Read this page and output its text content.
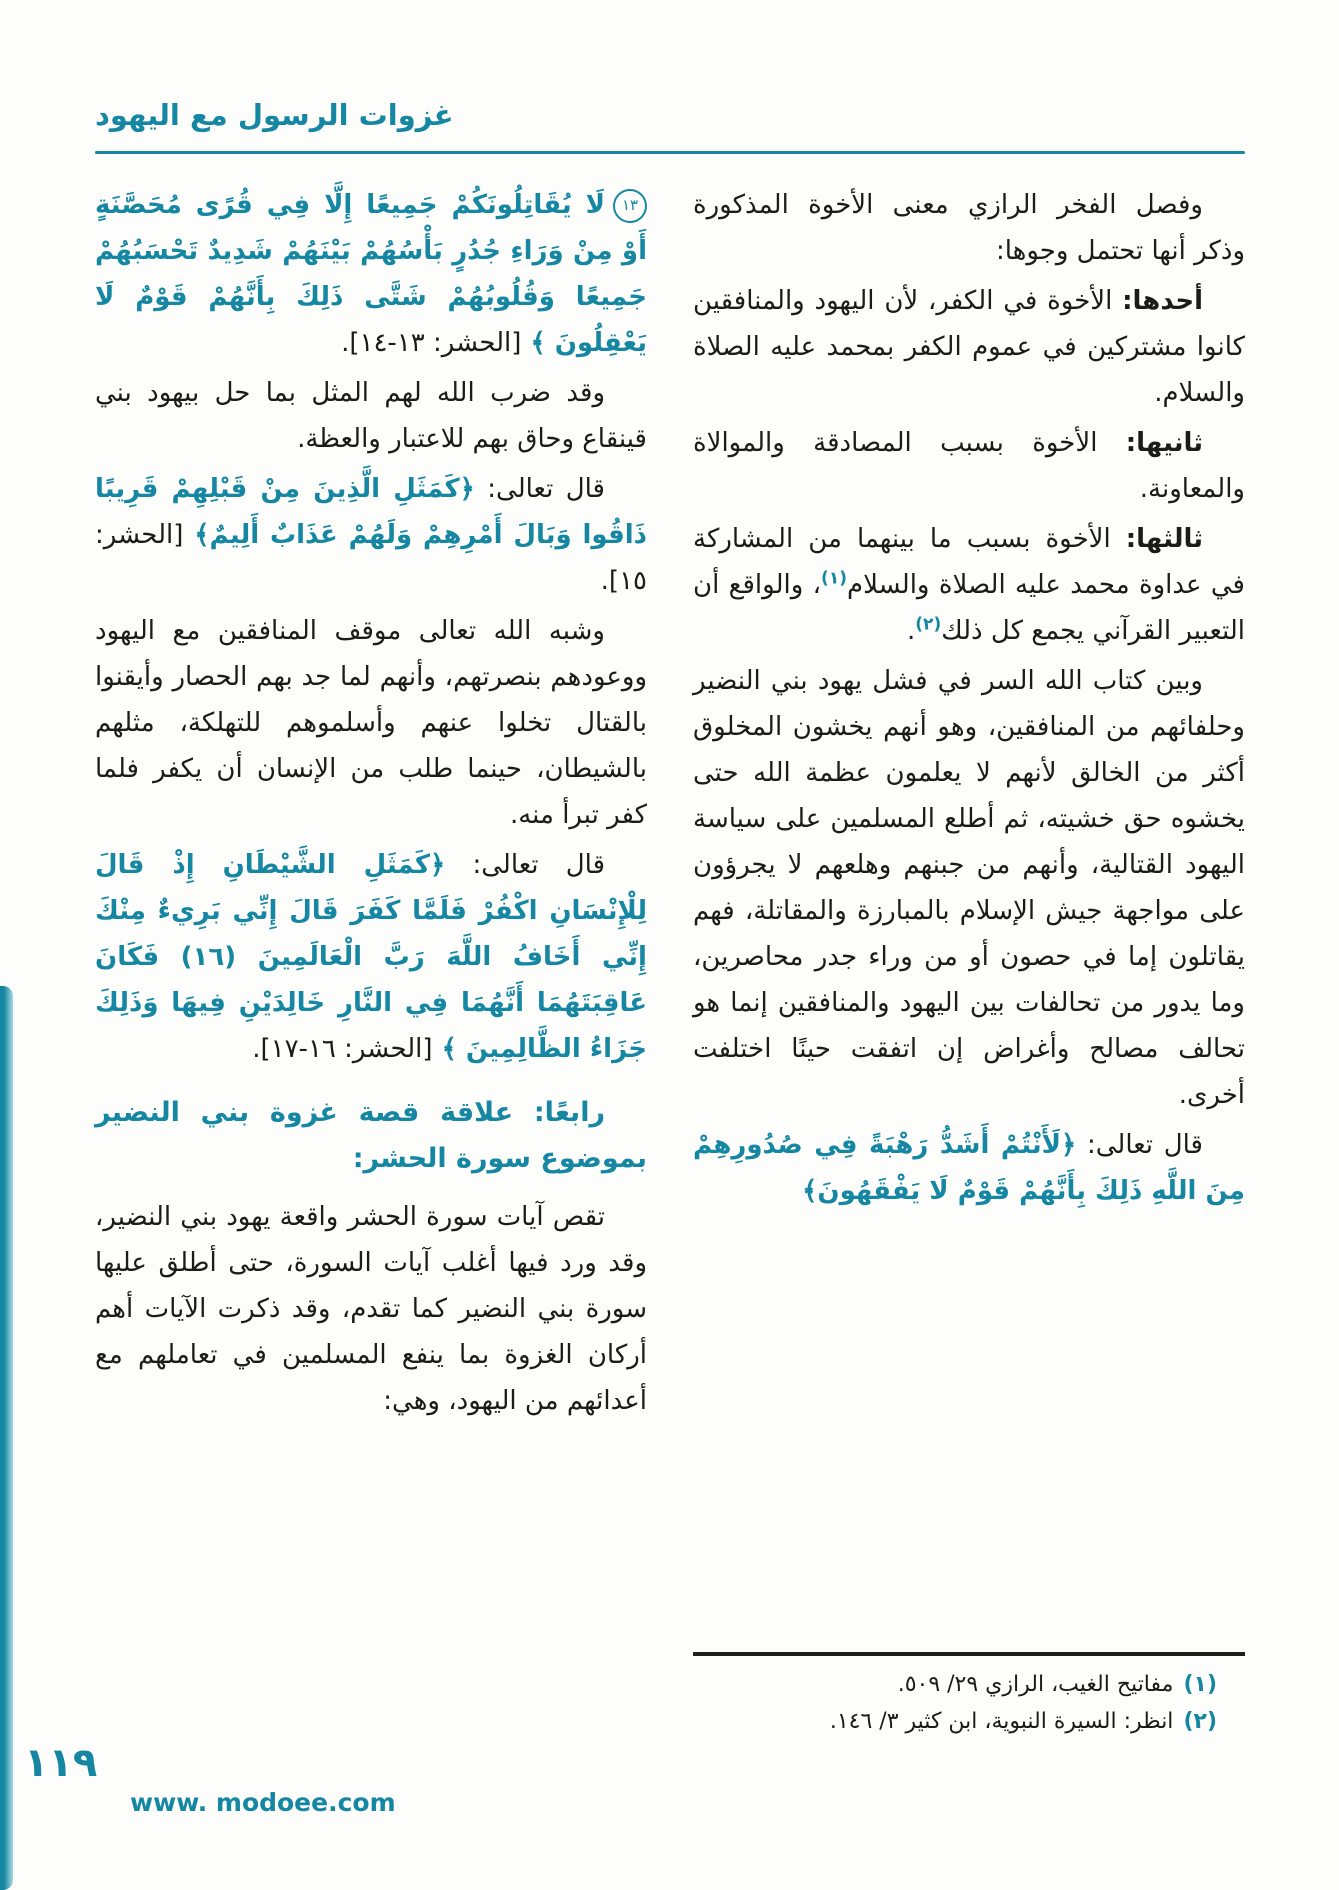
غزوات الرسول مع اليهود

وفصل الفخر الرازي معنى الأخوة المذكورة وذكر أنها تحتمل وجوها:

أحدها: الأخوة في الكفر، لأن اليهود والمنافقين كانوا مشتركين في عموم الكفر بمحمد عليه الصلاة والسلام.

ثانيها: الأخوة بسبب المصادقة والموالاة والمعاونة.

ثالثها: الأخوة بسبب ما بينهما من المشاركة في عداوة محمد عليه الصلاة والسلام$^{(١)}$، والواقع أن التعبير القرآني يجمع كل ذلك$^{(٢)}$.

وبين كتاب الله السر في فشل يهود بني النضير وحلفائهم من المنافقين، وهو أنهم يخشون المخلوق أكثر من الخالق لأنهم لا يعلمون عظمة الله حتى يخشوه حق خشيته، ثم أطلع المسلمين على سياسة اليهود القتالية، وأنهم من جبنهم وهلعهم لا يجرؤون على مواجهة جيش الإسلام بالمبارزة والمقاتلة، فهم يقاتلون إما في حصون أو من وراء جدر محاصرين، وما يدور من تحالفات بين اليهود والمنافقين إنما هو تحالف مصالح وأغراض إن اتفقت حينًا اختلفت أخرى.

قال تعالى: ﴿لَأَنْتُمْ أَشَدُّ رَهْبَةً فِي صُدُورِهِمْ مِنَ اللَّهِ ذَلِكَ بِأَنَّهُمْ قَوْمٌ لَا يَفْقَهُونَ﴾

١٣لَا يُقَاتِلُونَكُمْ جَمِيعًا إِلَّا فِي قُرًى مُحَصَّنَةٍ أَوْ مِنْ وَرَاءِ جُدُرٍ بَأْسُهُمْ بَيْنَهُمْ شَدِيدٌ تَحْسَبُهُمْ جَمِيعًا وَقُلُوبُهُمْ شَتَّى ذَلِكَ بِأَنَّهُمْ قَوْمٌ لَا يَعْقِلُونَ ﴾ [الحشر: ١٣-١٤].

وقد ضرب الله لهم المثل بما حل بيهود بني قينقاع وحاق بهم للاعتبار والعظة.

قال تعالى: ﴿كَمَثَلِ الَّذِينَ مِنْ قَبْلِهِمْ قَرِيبًا ذَاقُوا وَبَالَ أَمْرِهِمْ وَلَهُمْ عَذَابٌ أَلِيمٌ﴾ [الحشر: ١٥].

وشبه الله تعالى موقف المنافقين مع اليهود ووعودهم بنصرتهم، وأنهم لما جد بهم الحصار وأيقنوا بالقتال تخلوا عنهم وأسلموهم للتهلكة، مثلهم بالشيطان، حينما طلب من الإنسان أن يكفر فلما كفر تبرأ منه.

قال تعالى: ﴿كَمَثَلِ الشَّيْطَانِ إِذْ قَالَ لِلْإِنْسَانِ اكْفُرْ فَلَمَّا كَفَرَ قَالَ إِنِّي بَرِيءٌ مِنْكَ إِنِّي أَخَافُ اللَّهَ رَبَّ الْعَالَمِينَ (١٦) فَكَانَ عَاقِبَتَهُمَا أَنَّهُمَا فِي النَّارِ خَالِدَيْنِ فِيهَا وَذَلِكَ جَزَاءُ الظَّالِمِينَ ﴾ [الحشر: ١٦-١٧].

رابعًا: علاقة قصة غزوة بني النضير بموضوع سورة الحشر:

تقص آيات سورة الحشر واقعة يهود بني النضير، وقد ورد فيها أغلب آيات السورة، حتى أطلق عليها سورة بني النضير كما تقدم، وقد ذكرت الآيات أهم أركان الغزوة بما ينفع المسلمين في تعاملهم مع أعدائهم من اليهود، وهي:

(١)
مفاتيح الغيب، الرازي ٢٩/ ٥٠٩.

(٢)
انظر: السيرة النبوية، ابن كثير ٣/ ١٤٦.

١١٩
www. modoee.com
